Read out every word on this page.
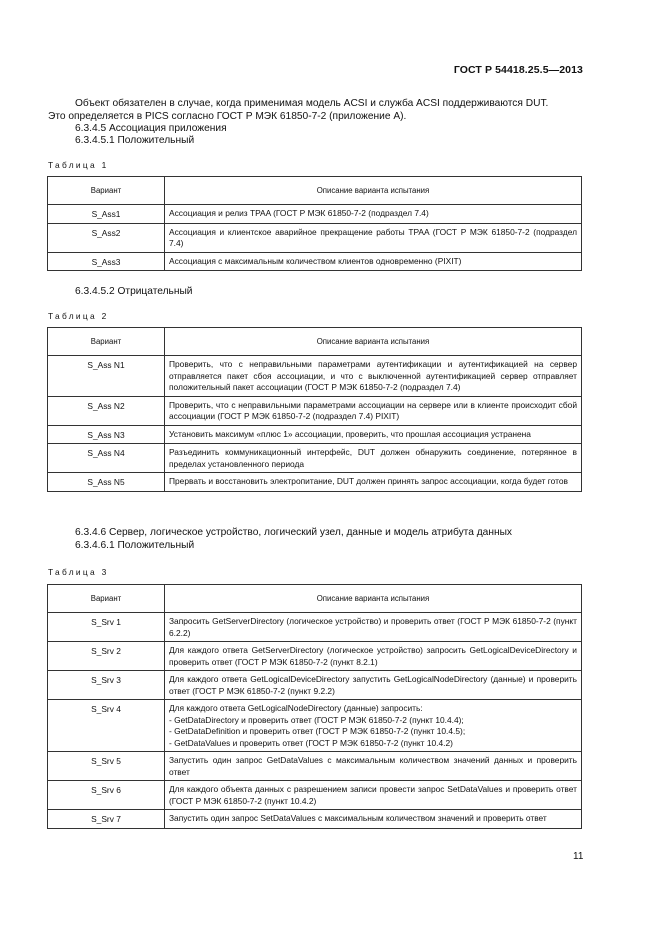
ГОСТ Р 54418.25.5—2013

Объект обязателен в случае, когда применимая модель ACSI и служба ACSI поддерживаются DUT.

Это определяется в PICS согласно ГОСТ Р МЭК 61850-7-2 (приложение А).

6.3.4.5 Ассоциация приложения
6.3.4.5.1 Положительный
Таблица 1
Вариант	Описание варианта испытания
S_Ass1	Ассоциация и релиз TPAA (ГОСТ Р МЭК 61850-7-2 (подраздел 7.4)
S_Ass2	Ассоциация и клиентское аварийное прекращение работы TPAA (ГОСТ Р МЭК 61850-7-2 (подраздел 7.4)
S_Ass3	Ассоциация с максимальным количеством клиентов одновременно (PIXIT)
6.3.4.5.2 Отрицательный
Таблица 2
Вариант	Описание варианта испытания
S_Ass N1	Проверить, что с неправильными параметрами аутентификации и аутентификацией на сервер отправляется пакет сбоя ассоциации, и что с выключенной аутентификацией сервер отправляет положительный пакет ассоциации (ГОСТ Р МЭК 61850-7-2 (подраздел 7.4)
S_Ass N2	Проверить, что с неправильными параметрами ассоциации на сервере или в клиенте происходит сбой ассоциации (ГОСТ Р МЭК 61850-7-2 (подраздел 7.4) PIXIT)
S_Ass N3	Установить максимум «плюс 1» ассоциации, проверить, что прошлая ассоциация устранена
S_Ass N4	Разъединить коммуникационный интерфейс, DUT должен обнаружить соединение, потерянное в пределах установленного периода
S_Ass N5	Прервать и восстановить электропитание, DUT должен принять запрос ассоциации, когда будет готов
6.3.4.6 Сервер, логическое устройство, логический узел, данные и модель атрибута данных
6.3.4.6.1 Положительный
Таблица 3
Вариант	Описание варианта испытания
S_Srv 1	Запросить GetServerDirectory (логическое устройство) и проверить ответ (ГОСТ Р МЭК 61850-7-2 (пункт 6.2.2)
S_Srv 2	Для каждого ответа GetServerDirectory (логическое устройство) запросить GetLogicalDeviceDirectory и проверить ответ (ГОСТ Р МЭК 61850-7-2 (пункт 8.2.1)
S_Srv 3	Для каждого ответа GetLogicalDeviceDirectory запустить GetLogicalNodeDirectory (данные) и проверить ответ (ГОСТ Р МЭК 61850-7-2 (пункт 9.2.2)
S_Srv 4	Для каждого ответа GetLogicalNodeDirectory (данные) запросить:
- GetDataDirectory и проверить ответ (ГОСТ Р МЭК 61850-7-2 (пункт 10.4.4);
- GetDataDefinition и проверить ответ (ГОСТ Р МЭК 61850-7-2 (пункт 10.4.5);
- GetDataValues и проверить ответ (ГОСТ Р МЭК 61850-7-2 (пункт 10.4.2)
S_Srv 5	Запустить один запрос GetDataValues с максимальным количеством значений данных и проверить ответ
S_Srv 6	Для каждого объекта данных с разрешением записи провести запрос SetDataValues и проверить ответ (ГОСТ Р МЭК 61850-7-2 (пункт 10.4.2)
S_Srv 7	Запустить один запрос SetDataValues с максимальным количеством значений и проверить ответ
11
